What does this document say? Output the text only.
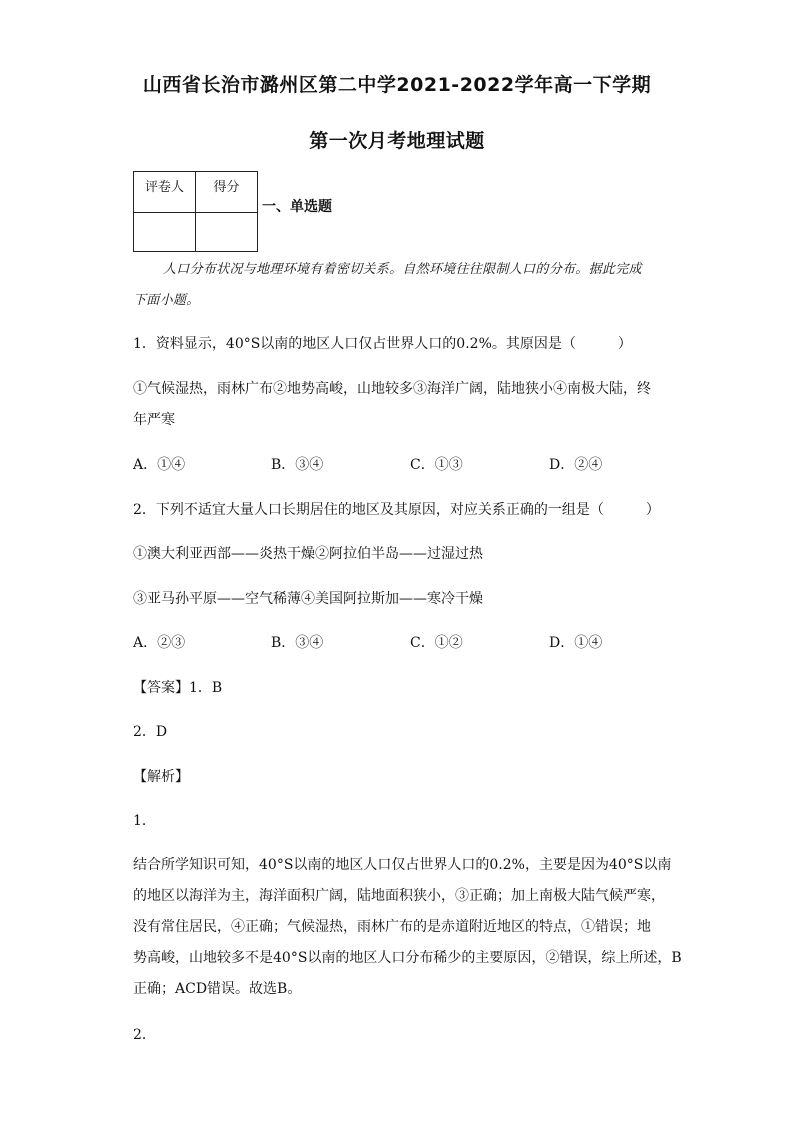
山西省长治市潞州区第二中学2021-2022学年高一下学期
第一次月考地理试题
评卷人	得分

一、单选题
人口分布状况与地理环境有着密切关系。自然环境往往限制人口的分布。据此完成
下面小题。
1．资料显示，40°S以南的地区人口仅占世界人口的0.2%。其原因是（　　　）
①气候湿热，雨林广布②地势高峻，山地较多③海洋广阔，陆地狭小④南极大陆，终
年严寒
A．①④	B．③④	C．①③	D．②④
2．下列不适宜大量人口长期居住的地区及其原因，对应关系正确的一组是（　　　）
①澳大利亚西部——炎热干燥②阿拉伯半岛——过湿过热
③亚马孙平原——空气稀薄④美国阿拉斯加——寒冷干燥
A．②③	B．③④	C．①②	D．①④
【答案】1．B
2．D
【解析】
1．
结合所学知识可知，40°S以南的地区人口仅占世界人口的0.2%，主要是因为40°S以南
的地区以海洋为主，海洋面积广阔，陆地面积狭小，③正确；加上南极大陆气候严寒，
没有常住居民，④正确；气候湿热，雨林广布的是赤道附近地区的特点，①错误；地
势高峻，山地较多不是40°S以南的地区人口分布稀少的主要原因，②错误，综上所述，B
正确；ACD错误。故选B。
2．
